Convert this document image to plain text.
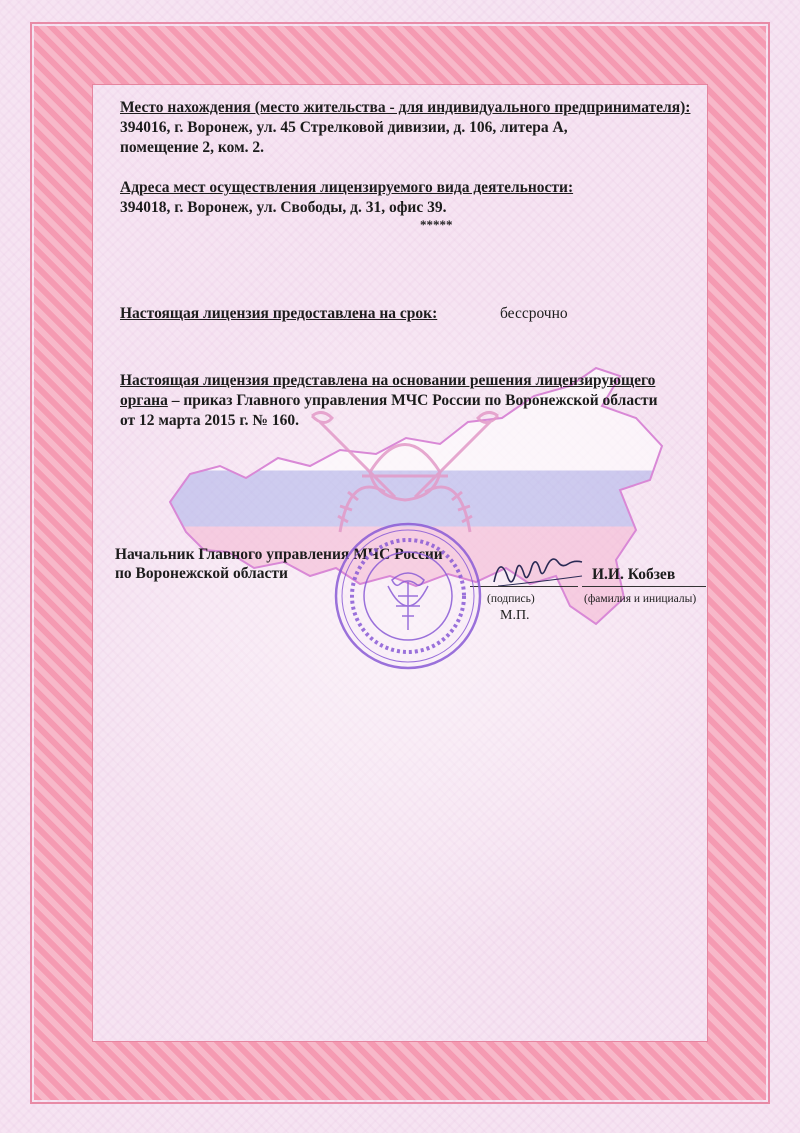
Место нахождения (место жительства - для индивидуального предпринимателя):
394016, г. Воронеж, ул. 45 Стрелковой дивизии, д. 106, литера А,
помещение 2, ком. 2.
Адреса мест осуществления лицензируемого вида деятельности:
394018, г. Воронеж, ул. Свободы, д. 31, офис 39.
*****
Настоящая лицензия предоставлена на срок:	бессрочно
Настоящая лицензия представлена на основании решения лицензирующего
органа – приказ Главного управления МЧС России по Воронежской области
от 12 марта 2015 г. № 160.
Начальник Главного управления МЧС России
по Воронежской области	И.И. Кобзев
(подпись)	(фамилия и инициалы)
М.П.
